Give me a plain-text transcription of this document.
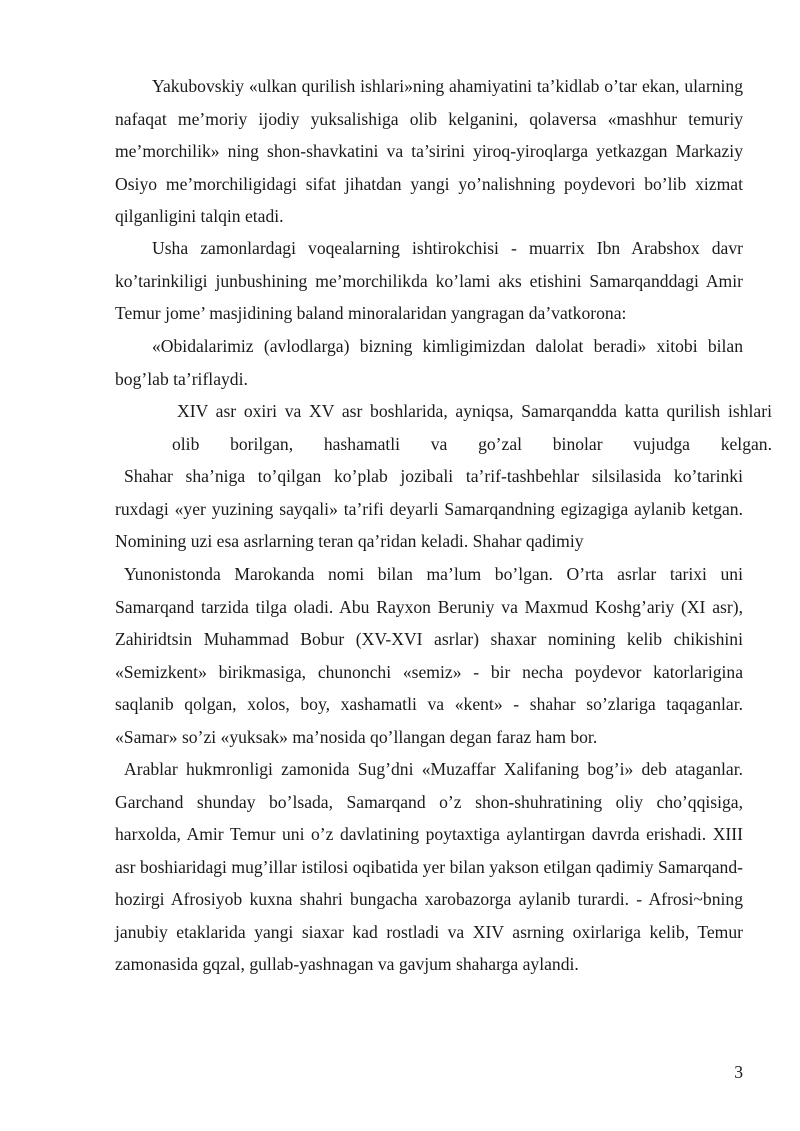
Yakubovskiy «ulkan qurilish ishlari»ning ahamiyatini ta’kidlab o’tar ekan, ularning nafaqat me’moriy ijodiy yuksalishiga olib kelganini, qolaversa «mashhur temuriy me’morchilik» ning shon-shavkatini va ta’sirini yiroq-yiroqlarga yetkazgan Markaziy Osiyo me’morchiligidagi sifat jihatdan yangi yo’nalishning poydevori bo’lib xizmat qilganligini talqin etadi.

Usha zamonlardagi voqealarning ishtirokchisi - muarrix Ibn Arabshox davr ko’tarinkiligi junbushining me’morchilikda ko’lami aks etishini Samarqanddagi Amir Temur jome’ masjidining baland minoralaridan yangragan da’vatkorona:

«Obidalarimiz (avlodlarga) bizning kimligimizdan dalolat beradi» xitobi bilan bog’lab ta’riflaydi.

XIV asr oxiri va XV asr boshlarida, ayniqsa, Samarqandda katta qurilish ishlari
olib borilgan, hashamatli va go’zal binolar vujudga kelgan.

Shahar sha’niga to’qilgan ko’plab jozibali ta’rif-tashbehlar silsilasida ko’tarinki ruxdagi «yer yuzining sayqali» ta’rifi deyarli Samarqandning egizagiga aylanib ketgan. Nomining uzi esa asrlarning teran qa’ridan keladi. Shahar qadimiy

Yunonistonda Marokanda nomi bilan ma’lum bo’lgan. O’rta asrlar tarixi uni Samarqand tarzida tilga oladi. Abu Rayxon Beruniy va Maxmud Koshg’ariy (XI asr), Zahiridtsin Muhammad Bobur (XV-XVI asrlar) shaxar nomining kelib chikishini «Semizkent» birikmasiga, chunonchi «semiz» - bir necha poydevor katorlarigina saqlanib qolgan, xolos, boy, xashamatli va «kent» - shahar so’zlariga taqaganlar. «Samar» so’zi «yuksak» ma’nosida qo’llangan degan faraz ham bor.

Arablar hukmronligi zamonida Sug’dni «Muzaffar Xalifaning bog’i» deb ataganlar. Garchand shunday bo’lsada, Samarqand o’z shon-shuhratining oliy cho’qqisiga, harxolda, Amir Temur uni o’z davlatining poytaxtiga aylantirgan davrda erishadi. XIII asr boshiaridagi mug’illar istilosi oqibatida yer bilan yakson etilgan qadimiy Samarqand-hozirgi Afrosiyob kuxna shahri bungacha xarobazorga aylanib turardi. - Afrosi~bning janubiy etaklarida yangi siaxar kad rostladi va XIV asrning oxirlariga kelib, Temur zamonasida gqzal, gullab-yashnagan va gavjum shaharga aylandi.

3
